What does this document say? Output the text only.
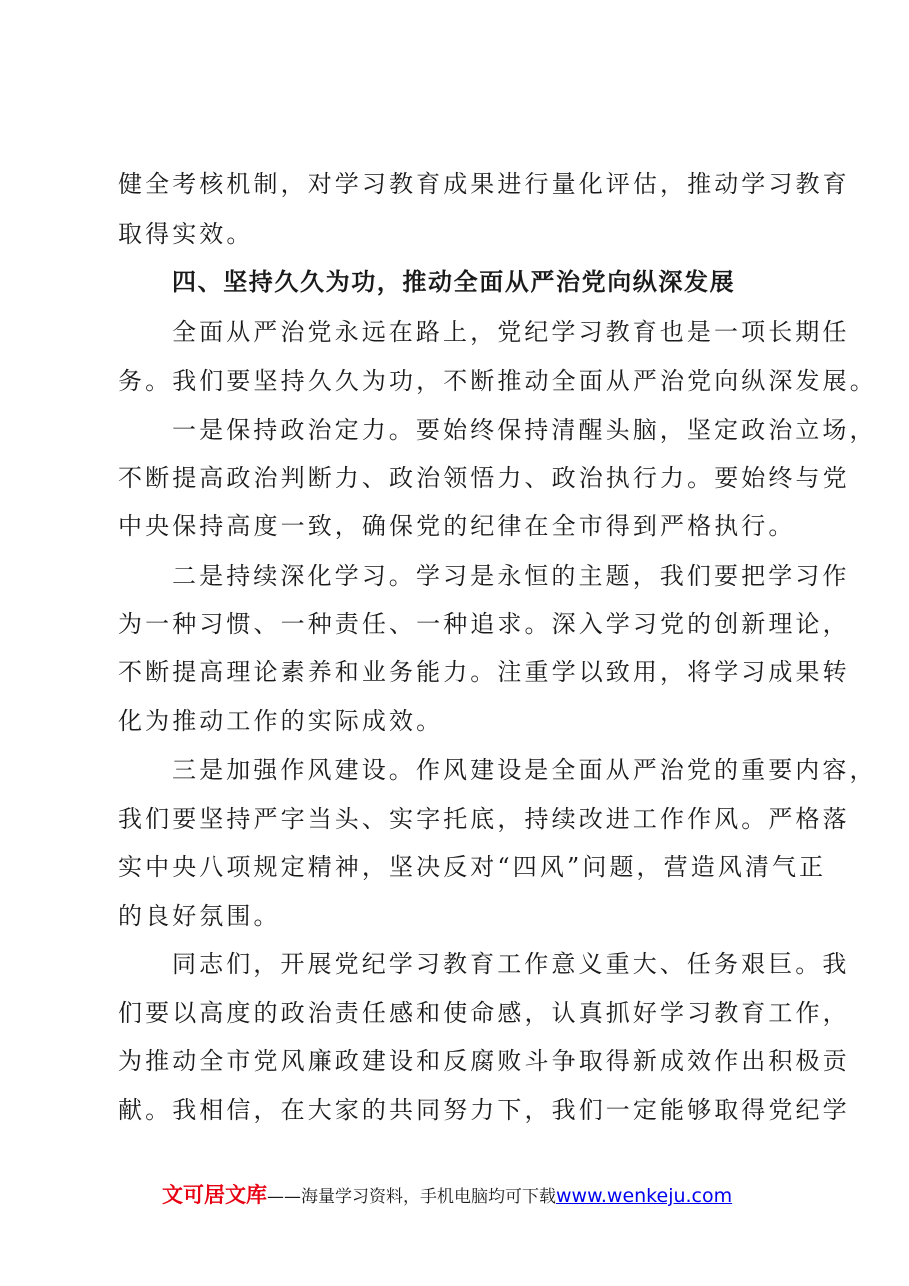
健全考核机制，对学习教育成果进行量化评估，推动学习教育
取得实效。
四、坚持久久为功，推动全面从严治党向纵深发展
全面从严治党永远在路上，党纪学习教育也是一项长期任
务。我们要坚持久久为功，不断推动全面从严治党向纵深发展。
一是保持政治定力。要始终保持清醒头脑，坚定政治立场，
不断提高政治判断力、政治领悟力、政治执行力。要始终与党
中央保持高度一致，确保党的纪律在全市得到严格执行。
二是持续深化学习。学习是永恒的主题，我们要把学习作
为一种习惯、一种责任、一种追求。深入学习党的创新理论，
不断提高理论素养和业务能力。注重学以致用，将学习成果转
化为推动工作的实际成效。
三是加强作风建设。作风建设是全面从严治党的重要内容，
我们要坚持严字当头、实字托底，持续改进工作作风。严格落
实中央八项规定精神，坚决反对“四风”问题，营造风清气正
的良好氛围。
同志们，开展党纪学习教育工作意义重大、任务艰巨。我
们要以高度的政治责任感和使命感，认真抓好学习教育工作，
为推动全市党风廉政建设和反腐败斗争取得新成效作出积极贡
献。我相信，在大家的共同努力下，我们一定能够取得党纪学
文可居文库——海量学习资料，手机电脑均可下载www.wenkeju.com
